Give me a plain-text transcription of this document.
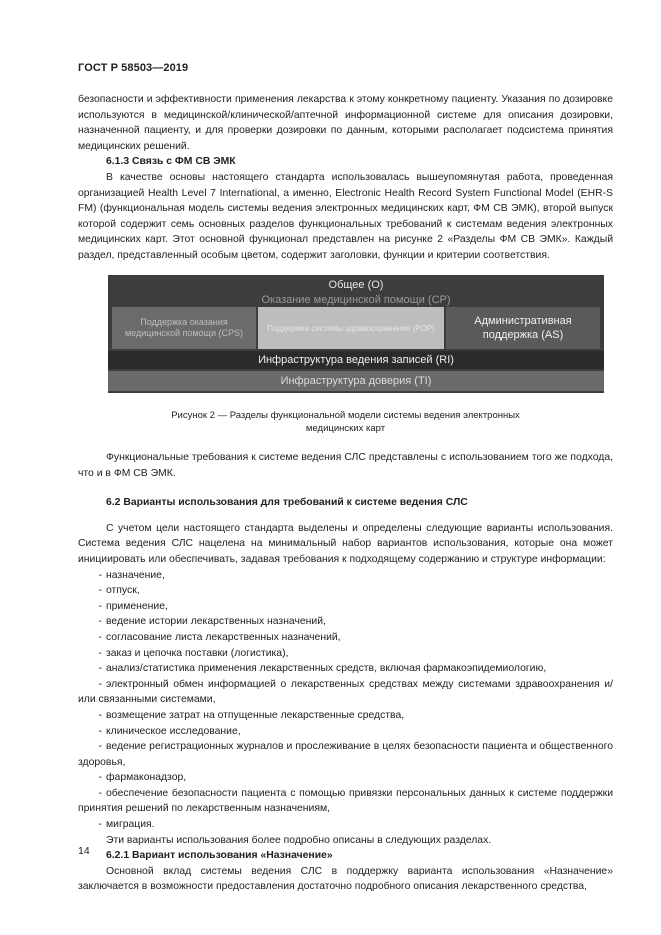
ГОСТ Р 58503—2019

безопасности и эффективности применения лекарства к этому конкретному пациенту. Указания по дозировке используются в медицинской/клинической/аптечной информационной системе для описания дозировки, назначенной пациенту, и для проверки дозировки по данным, которыми располагает подсистема принятия медицинских решений.

6.1.3 Связь с ФМ СВ ЭМК

В качестве основы настоящего стандарта использовалась вышеупомянутая работа, проведенная организацией Health Level 7 International, а именно, Electronic Health Record System Functional Model (EHR-S FM) (функциональная модель системы ведения электронных медицинских карт, ФМ СВ ЭМК), второй выпуск которой содержит семь основных разделов функциональных требований к системам ведения электронных медицинских карт. Этот основной функционал представлен на рисунке 2 «Разделы ФМ СВ ЭМК». Каждый раздел, представленный особым цветом, содержит заголовки, функции и критерии соответствия.

Общее (O)
Оказание медицинской помощи (CP)
Поддержка оказания медицинской помощи (CPS)	Поддержка системы здравоохранения (POP)
Административная
поддержка (AS)
Инфраструктура ведения записей (RI)
Инфраструктура доверия (TI)
Рисунок 2 — Разделы функциональной модели системы ведения электронных
медицинских карт

Функциональные требования к системе ведения СЛС представлены с использованием того же подхода, что и в ФМ СВ ЭМК.

6.2 Варианты использования для требований к системе ведения СЛС

С учетом цели настоящего стандарта выделены и определены следующие варианты использования. Система ведения СЛС нацелена на минимальный набор вариантов использования, которые она может инициировать или обеспечивать, задавая требования к подходящему содержанию и структуре информации:

- назначение,
- отпуск,
- применение,
- ведение истории лекарственных назначений,
- согласование листа лекарственных назначений,
- заказ и цепочка поставки (логистика),
- анализ/статистика применения лекарственных средств, включая фармакоэпидемиологию,
- электронный обмен информацией о лекарственных средствах между системами здравоохранения и/или связанными системами,
- возмещение затрат на отпущенные лекарственные средства,
- клиническое исследование,
- ведение регистрационных журналов и прослеживание в целях безопасности пациента и общественного здоровья,
- фармаконадзор,
- обеспечение безопасности пациента с помощью привязки персональных данных к системе поддержки принятия решений по лекарственным назначениям,
- миграция.

Эти варианты использования более подробно описаны в следующих разделах.

6.2.1 Вариант использования «Назначение»

Основной вклад системы ведения СЛС в поддержку варианта использования «Назначение» заключается в возможности предоставления достаточно подробного описания лекарственного средства,

14
